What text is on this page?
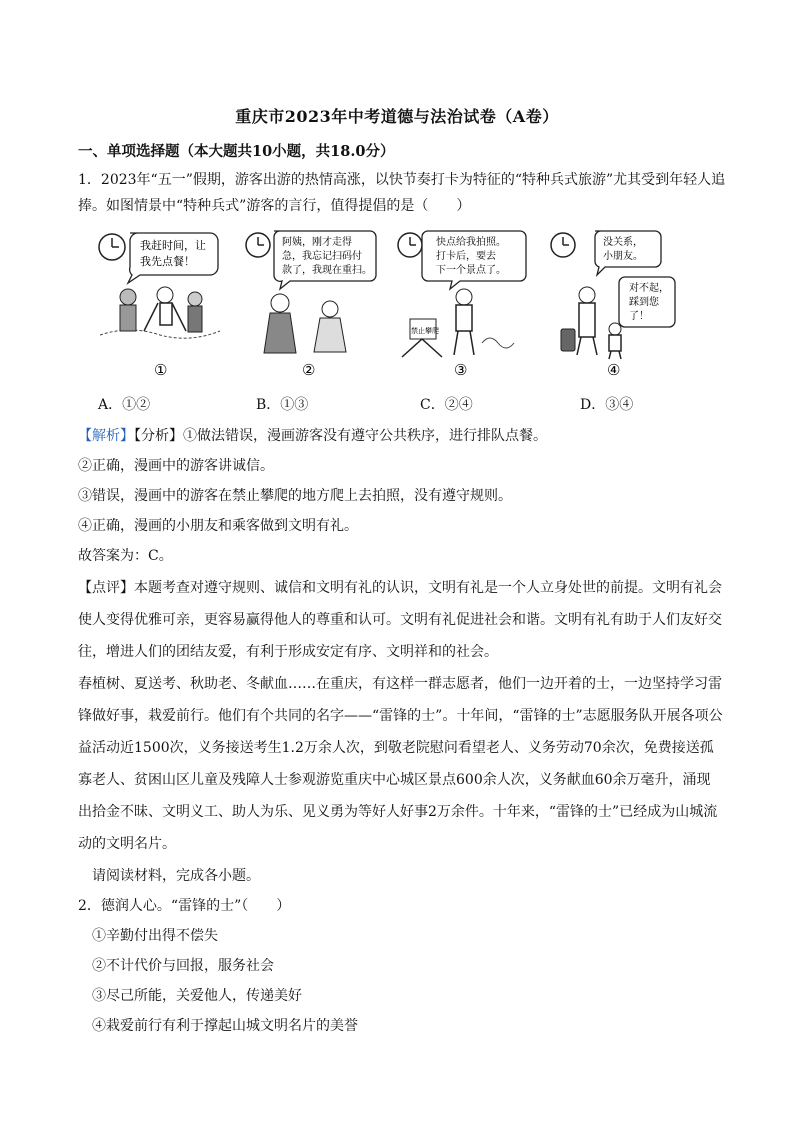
重庆市2023年中考道德与法治试卷（A卷）
一、单项选择题（本大题共10小题，共18.0分）
1．2023年“五一”假期，游客出游的热情高涨，以快节奏打卡为特征的“特种兵式旅游”尤其受到年轻人追
捧。如图情景中“特种兵式”游客的言行，值得提倡的是（　　）
我赶时间，让
我先点餐！
①
阿姨，刚才走得
急，我忘记扫码付
款了，我现在重扫。
②
快点给我拍照。
打卡后，要去
下一个景点了。
禁止攀爬
③
没关系，
小朋友。
对不起，
踩到您
了！
④
A．①②	B．①③	C．②④	D．③④
【解析】【分析】①做法错误，漫画游客没有遵守公共秩序，进行排队点餐。
②正确，漫画中的游客讲诚信。
③错误，漫画中的游客在禁止攀爬的地方爬上去拍照，没有遵守规则。
④正确，漫画的小朋友和乘客做到文明有礼。
故答案为：C。
【点评】本题考查对遵守规则、诚信和文明有礼的认识，文明有礼是一个人立身处世的前提。文明有礼会
使人变得优雅可亲，更容易赢得他人的尊重和认可。文明有礼促进社会和谐。文明有礼有助于人们友好交
往，增进人们的团结友爱，有利于形成安定有序、文明祥和的社会。
春植树、夏送考、秋助老、冬献血……在重庆，有这样一群志愿者，他们一边开着的士，一边坚持学习雷
锋做好事，栽爱前行。他们有个共同的名字——“雷锋的士”。十年间，“雷锋的士”志愿服务队开展各项公
益活动近1500次，义务接送考生1.2万余人次，到敬老院慰问看望老人、义务劳动70余次，免费接送孤
寡老人、贫困山区儿童及残障人士参观游览重庆中心城区景点600余人次，义务献血60余万毫升，涌现
出拾金不昧、文明义工、助人为乐、见义勇为等好人好事2万余件。十年来，“雷锋的士”已经成为山城流
动的文明名片。
请阅读材料，完成各小题。
2．德润人心。“雷锋的士”（　　）
①辛勤付出得不偿失
②不计代价与回报，服务社会
③尽己所能，关爱他人，传递美好
④栽爱前行有利于撑起山城文明名片的美誉
